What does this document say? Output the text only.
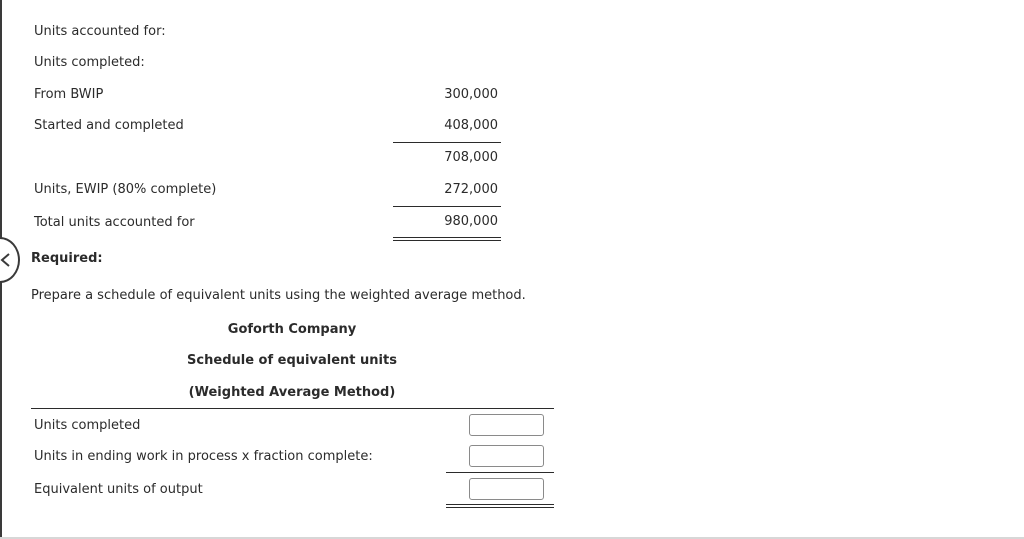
Units accounted for:
Units completed:
From BWIP	300,000
Started and completed	408,000
708,000
Units, EWIP (80% complete)	272,000
Total units accounted for	980,000
Required:
Prepare a schedule of equivalent units using the weighted average method.
Goforth Company
Schedule of equivalent units
(Weighted Average Method)
Units completed
Units in ending work in process x fraction complete:
Equivalent units of output
